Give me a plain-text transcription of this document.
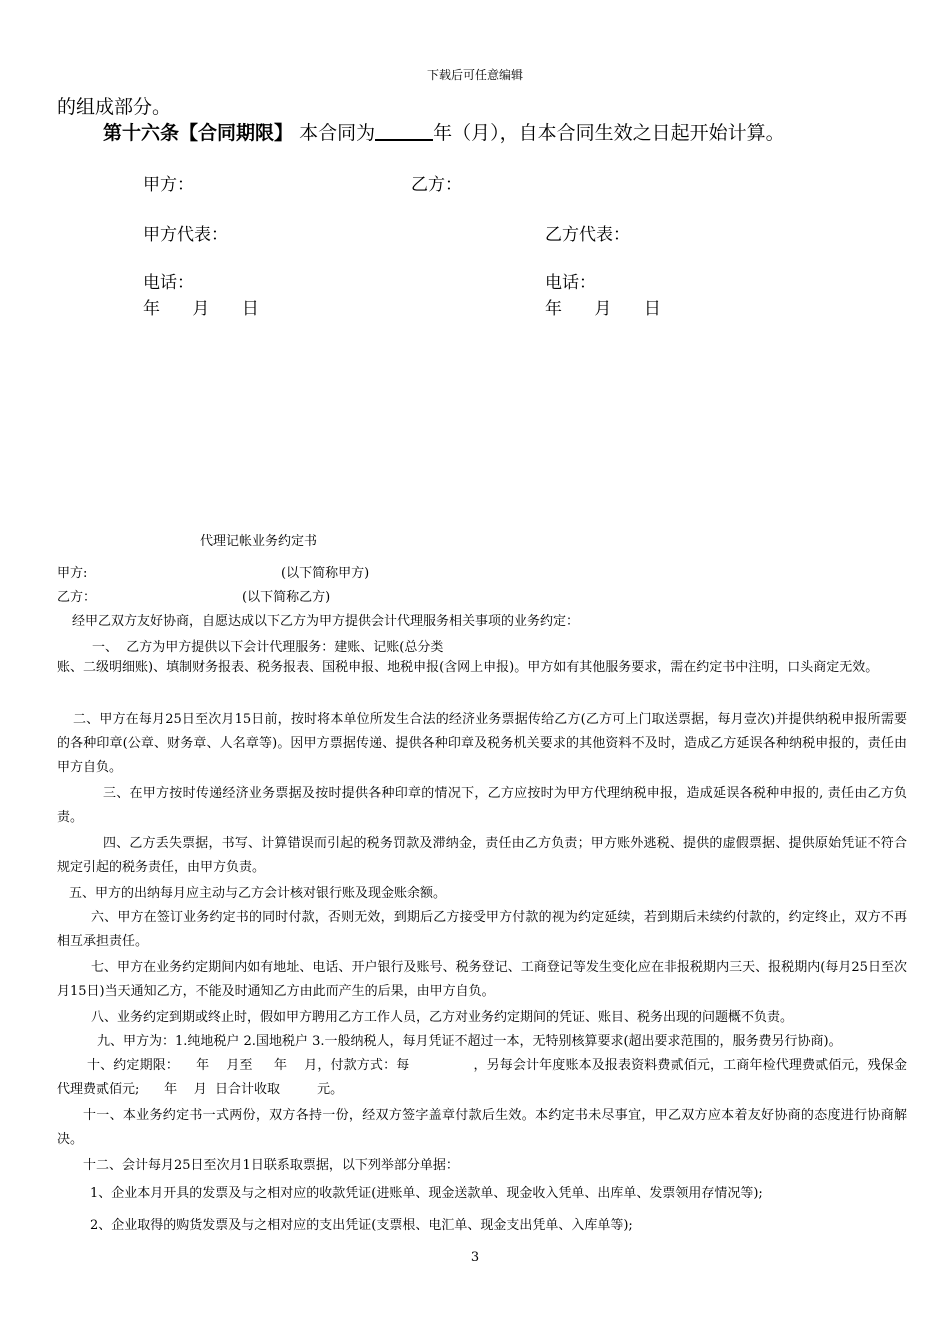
下载后可任意编辑
的组成部分。
第十六条【合同期限】 本合同为	年（月），自本合同生效之日起开始计算。
甲方：	乙方：
甲方代表：	乙方代表：
电话：	电话：
年      月      日	年      月      日
代理记帐业务约定书
甲方:	(以下简称甲方)
乙方：	(以下简称乙方)
经甲乙双方友好协商，自愿达成以下乙方为甲方提供会计代理服务相关事项的业务约定：
一、  乙方为甲方提供以下会计代理服务：建账、记账(总分类
账、二级明细账)、填制财务报表、税务报表、国税申报、地税申报(含网上申报)。甲方如有其他服务要求，需在约定书中注明，口头商定无效。
二、甲方在每月25日至次月15日前，按时将本单位所发生合法的经济业务票据传给乙方(乙方可上门取送票据，每月壹次)并提供纳税申报所需要的各种印章(公章、财务章、人名章等)。因甲方票据传递、提供各种印章及税务机关要求的其他资料不及时，造成乙方延误各种纳税申报的，责任由甲方自负。
三、在甲方按时传递经济业务票据及按时提供各种印章的情况下，乙方应按时为甲方代理纳税申报，造成延误各税种申报的, 责任由乙方负责。
四、乙方丢失票据，书写、计算错误而引起的税务罚款及滞纳金，责任由乙方负责；甲方账外逃税、提供的虚假票据、提供原始凭证不符合规定引起的税务责任，由甲方负责。
五、甲方的出纳每月应主动与乙方会计核对银行账及现金账余额。
六、甲方在签订业务约定书的同时付款，否则无效，到期后乙方接受甲方付款的视为约定延续，若到期后未续约付款的，约定终止，双方不再相互承担责任。
七、甲方在业务约定期间内如有地址、电话、开户银行及账号、税务登记、工商登记等发生变化应在非报税期内三天、报税期内(每月25日至次月15日)当天通知乙方，不能及时通知乙方由此而产生的后果，由甲方自负。
八、业务约定到期或终止时，假如甲方聘用乙方工作人员，乙方对业务约定期间的凭证、账目、税务出现的问题概不负责。
九、甲方为：1.纯地税户 2.国地税户 3.一般纳税人，每月凭证不超过一本，无特别核算要求(超出要求范围的，服务费另行协商)。
十、约定期限：    年    月至     年    月，付款方式：每               ，另每会计年度账本及报表资料费贰佰元，工商年检代理费贰佰元，残保金代理费贰佰元;      年    月  日合计收取         元。
十一、本业务约定书一式两份，双方各持一份，经双方签字盖章付款后生效。本约定书未尽事宜，甲乙双方应本着友好协商的态度进行协商解决。
十二、会计每月25日至次月1日联系取票据，以下列举部分单据：
1、企业本月开具的发票及与之相对应的收款凭证(进账单、现金送款单、现金收入凭单、出库单、发票领用存情况等);
2、企业取得的购货发票及与之相对应的支出凭证(支票根、电汇单、现金支出凭单、入库单等);
3
